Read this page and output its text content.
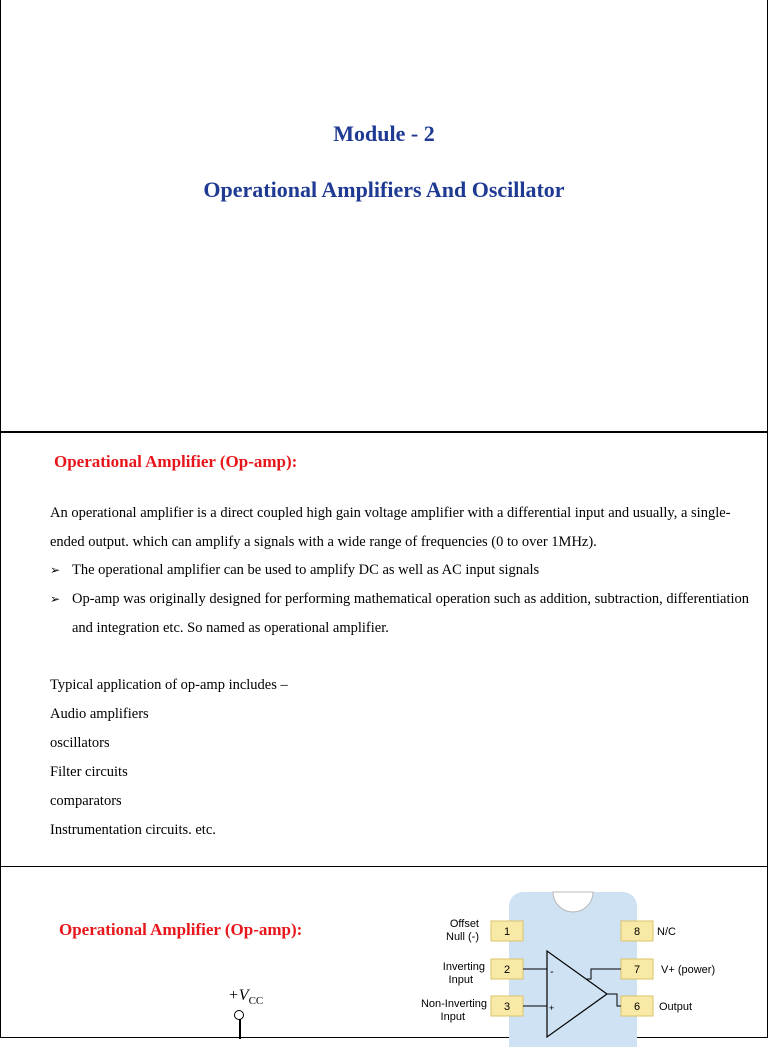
Module - 2
Operational Amplifiers And Oscillator
Operational Amplifier (Op-amp):
An operational amplifier is a direct coupled high gain voltage amplifier with a differential input and usually, a single-ended output. which can amplify a signals with a wide range of frequencies (0 to over 1MHz).
➢ The operational amplifier can be used to amplify DC as well as AC input signals
➢ Op-amp was originally designed for performing mathematical operation such as addition, subtraction, differentiation and integration etc. So named as operational amplifier.
Typical application of op-amp includes –
Audio amplifiers
oscillators
Filter circuits
comparators
Instrumentation circuits. etc.
Operational Amplifier (Op-amp):
$+V_{CC}$
1
2
3
8
7
6
Offset
Null (-)
Inverting
Input
Non-Inverting
Input
N/C
V+ (power)
Output
-
+
